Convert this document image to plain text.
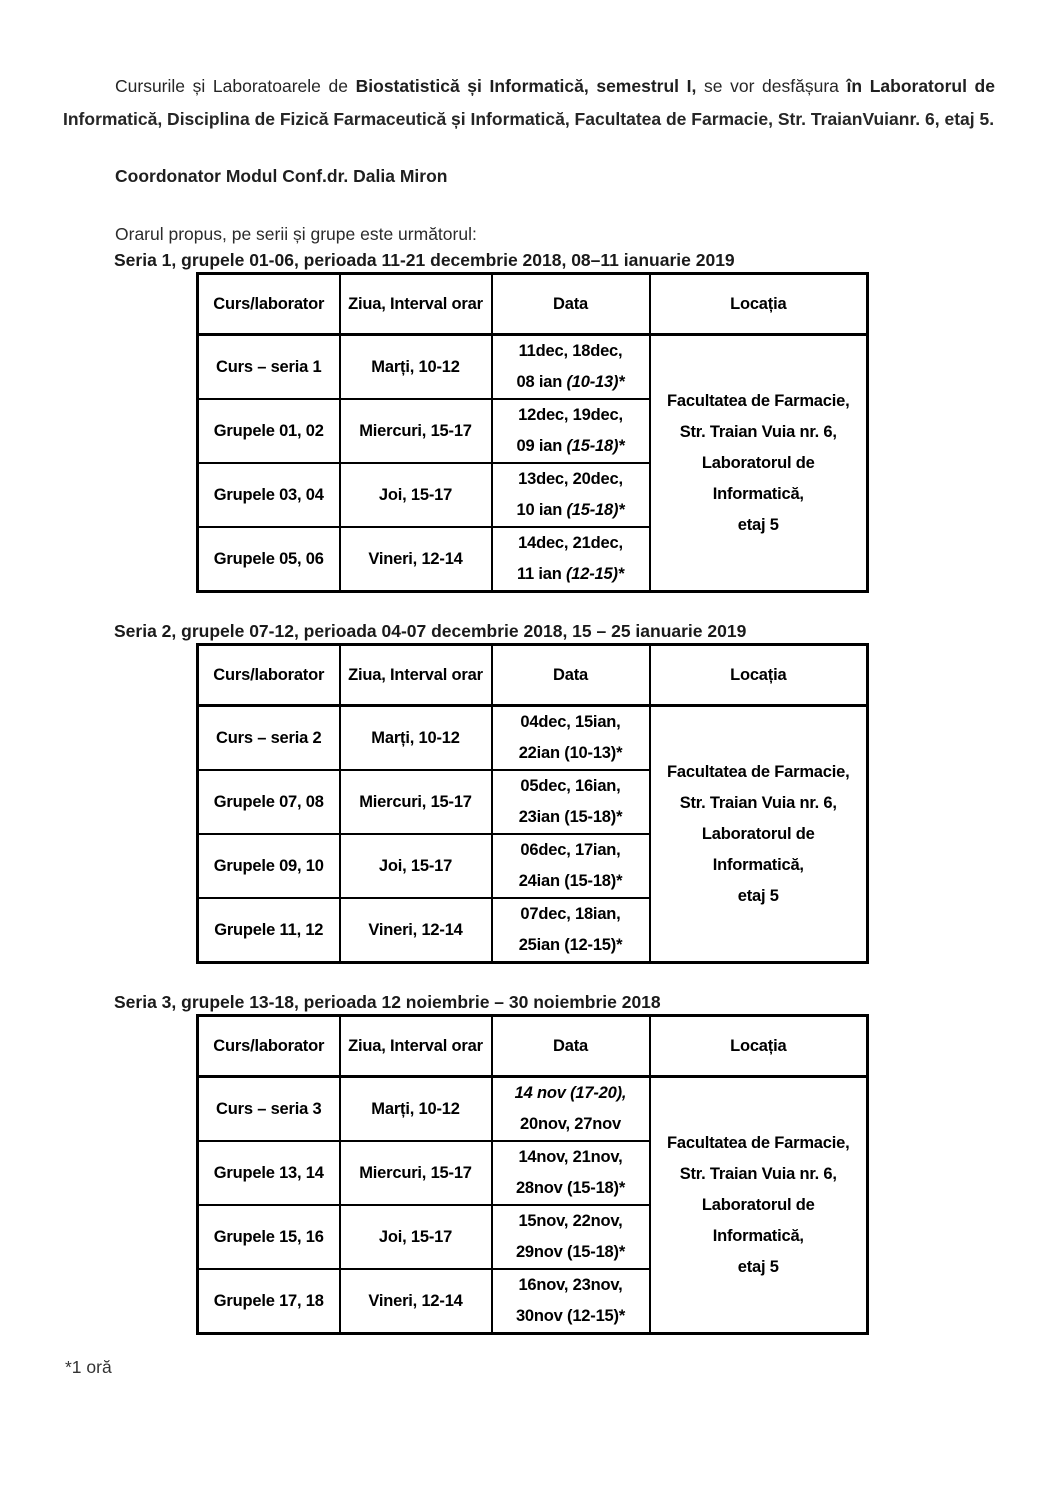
Cursurile și Laboratoarele de Biostatistică și Informatică, semestrul I, se vor desfășura în Laboratorul de
Informatică, Disciplina de Fizică Farmaceutică și Informatică, Facultatea de Farmacie, Str. TraianVuianr. 6, etaj 5.

Coordonator Modul Conf.dr. Dalia Miron

Orarul propus, pe serii și grupe este următorul:

Seria 1, grupele 01-06, perioada 11-21 decembrie 2018, 08–11 ianuarie 2019

Curs/laborator	Ziua, Interval orar	Data	Locația
Curs – seria 1	Marți, 10-12	11dec, 18dec,
08 ian (10-13)*	Facultatea de Farmacie,
Str. Traian Vuia nr. 6,
Laboratorul de
Informatică,
etaj 5
Grupele 01, 02	Miercuri, 15-17	12dec, 19dec,
09 ian (15-18)*	
Grupele 03, 04	Joi, 15-17	13dec, 20dec,
10 ian (15-18)*	
Grupele 05, 06	Vineri, 12-14	14dec, 21dec,
11 ian (12-15)*	

Seria 2, grupele 07-12, perioada 04-07 decembrie 2018, 15 – 25 ianuarie 2019

Curs/laborator	Ziua, Interval orar	Data	Locația
Curs – seria 2	Marți, 10-12	04dec, 15ian,
22ian (10-13)*	Facultatea de Farmacie,
Str. Traian Vuia nr. 6,
Laboratorul de
Informatică,
etaj 5
Grupele 07, 08	Miercuri, 15-17	05dec, 16ian,
23ian (15-18)*	
Grupele 09, 10	Joi, 15-17	06dec, 17ian,
24ian (15-18)*	
Grupele 11, 12	Vineri, 12-14	07dec, 18ian,
25ian (12-15)*	

Seria 3, grupele 13-18, perioada 12 noiembrie – 30 noiembrie 2018

Curs/laborator	Ziua, Interval orar	Data	Locația
Curs – seria 3	Marți, 10-12	14 nov (17-20),
20nov, 27nov	Facultatea de Farmacie,
Str. Traian Vuia nr. 6,
Laboratorul de
Informatică,
etaj 5
Grupele 13, 14	Miercuri, 15-17	14nov, 21nov,
28nov (15-18)*	
Grupele 15, 16	Joi, 15-17	15nov, 22nov,
29nov (15-18)*	
Grupele 17, 18	Vineri, 12-14	16nov, 23nov,
30nov (12-15)*	

*1 oră
